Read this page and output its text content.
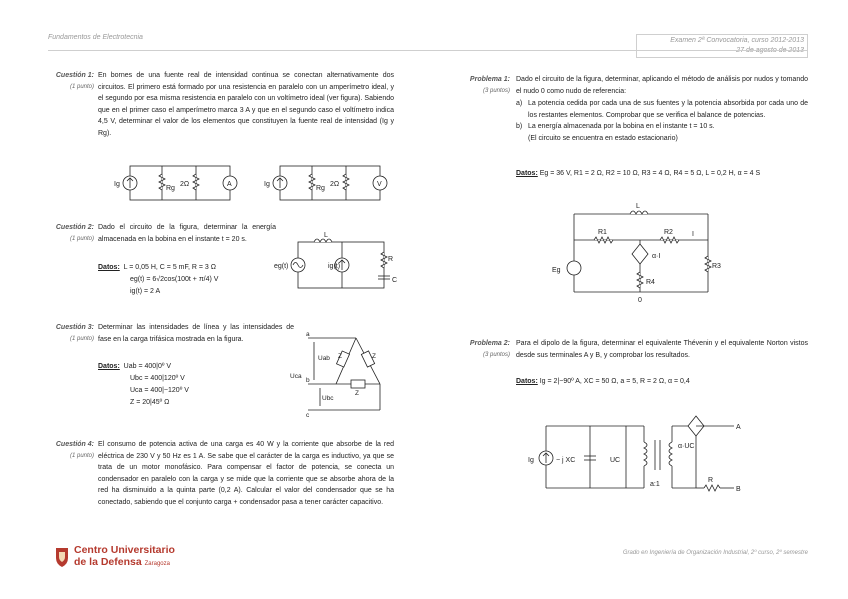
Fundamentos de Electrotecnia	Examen 2ª Convocatoria, curso 2012-2013
27 de agosto de 2013
Cuestión 1:
(1 punto)
En bornes de una fuente real de intensidad continua se conectan alternativamente dos circuitos. El primero está formado por una resistencia en paralelo con un amperímetro ideal, y el segundo por esa misma resistencia en paralelo con un voltímetro ideal (ver figura). Sabiendo que en el primer caso el amperímetro marca 3 A y que en el segundo caso el voltímetro indica 4,5 V, determinar el valor de los elementos que constituyen la fuente real de intensidad (Ig y Rg).
Ig
Rg
2Ω	A	Ig
Rg
2Ω	V
Cuestión 2:
(1 punto)
Dado el circuito de la figura, determinar la energía almacenada en la bobina en el instante t = 20 s.
Datos: L = 0,05 H, C = 5 mF, R = 3 Ω
eg(t) = 6√2cos(100t + π/4) V
ig(t) = 2 A
L
eg(t)	ig(t)
R
C
Cuestión 3:
(1 punto)
Determinar las intensidades de línea y las intensidades de fase en la carga trifásica mostrada en la figura.
Datos: Uab = 400|0º V
Ubc = 400|120º V
Uca = 400|−120º V
Z = 20|45º Ω
a
b
c
Uab
Uca
Ubc
Z	Z
Z
Cuestión 4:
(1 punto)
El consumo de potencia activa de una carga es 40 W y la corriente que absorbe de la red eléctrica de 230 V y 50 Hz es 1 A. Se sabe que el carácter de la carga es inductivo, ya que se trata de un motor monofásico. Para compensar el factor de potencia, se conecta un condensador en paralelo con la carga y se mide que la corriente que se absorbe ahora de la red ha disminuido a la quinta parte (0,2 A). Calcular el valor del condensador que se ha conectado, sabiendo que el conjunto carga + condensador pasa a tener carácter capacitivo.
Problema 1:
(3 puntos)
Dado el circuito de la figura, determinar, aplicando el método de análisis por nudos y tomando el nudo 0 como nudo de referencia:
a) La potencia cedida por cada una de sus fuentes y la potencia absorbida por cada uno de los restantes elementos. Comprobar que se verifica el balance de potencias.
b) La energía almacenada por la bobina en el instante t = 10 s.
(El circuito se encuentra en estado estacionario)
Datos: Eg = 36 V, R1 = 2 Ω, R2 = 10 Ω, R3 = 4 Ω, R4 = 5 Ω, L = 0,2 H, α = 4 S
L
R1	R2
R3
R4
Eg
α·I
I
0
Problema 2:
(3 puntos)
Para el dipolo de la figura, determinar el equivalente Thévenin y el equivalente Norton vistos desde sus terminales A y B, y comprobar los resultados.
Datos: Ig = 2|−90º A, XC = 50 Ω, a = 5, R = 2 Ω, α = 0,4
Ig	− j XC	UC
α·UC
A
B
a:1
R
Centro Universitario
de la Defensa Zaragoza
Grado en Ingeniería de Organización Industrial, 2º curso, 2º semestre
